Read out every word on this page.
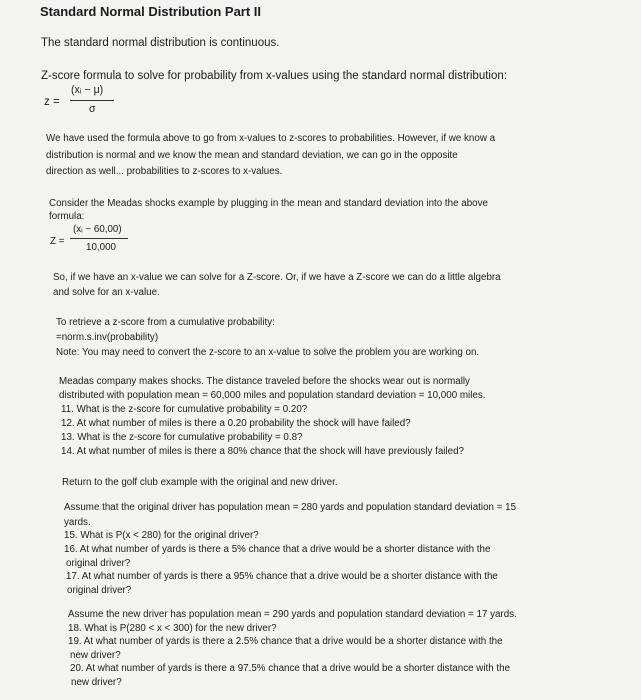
Standard Normal Distribution Part II
The standard normal distribution is continuous.
Z-score formula to solve for probability from x-values using the standard normal distribution:
z =
(xᵢ − μ)
σ
We have used the formula above to go from x-values to z-scores to probabilities. However, if we know a
distribution is normal and we know the mean and standard deviation, we can go in the opposite
direction as well... probabilities to z-scores to x-values.
Consider the Meadas shocks example by plugging in the mean and standard deviation into the above
formula:
Z =
(xᵢ − 60,00)
10,000
So, if we have an x-value we can solve for a Z-score. Or, if we have a Z-score we can do a little algebra
and solve for an x-value.
To retrieve a z-score from a cumulative probability:
=norm.s.inv(probability)
Note: You may need to convert the z-score to an x-value to solve the problem you are working on.
Meadas company makes shocks. The distance traveled before the shocks wear out is normally
distributed with population mean = 60,000 miles and population standard deviation = 10,000 miles.
11. What is the z-score for cumulative probability = 0.20?
12. At what number of miles is there a 0.20 probability the shock will have failed?
13. What is the z-score for cumulative probability = 0.8?
14. At what number of miles is there a 80% chance that the shock will have previously failed?
Return to the golf club example with the original and new driver.
Assume that the original driver has population mean = 280 yards and population standard deviation = 15
yards.
15. What is P(x < 280) for the original driver?
16. At what number of yards is there a 5% chance that a drive would be a shorter distance with the
original driver?
17. At what number of yards is there a 95% chance that a drive would be a shorter distance with the
original driver?
Assume the new driver has population mean = 290 yards and population standard deviation = 17 yards.
18. What is P(280 < x < 300) for the new driver?
19. At what number of yards is there a 2.5% chance that a drive would be a shorter distance with the
new driver?
20. At what number of yards is there a 97.5% chance that a drive would be a shorter distance with the
new driver?
